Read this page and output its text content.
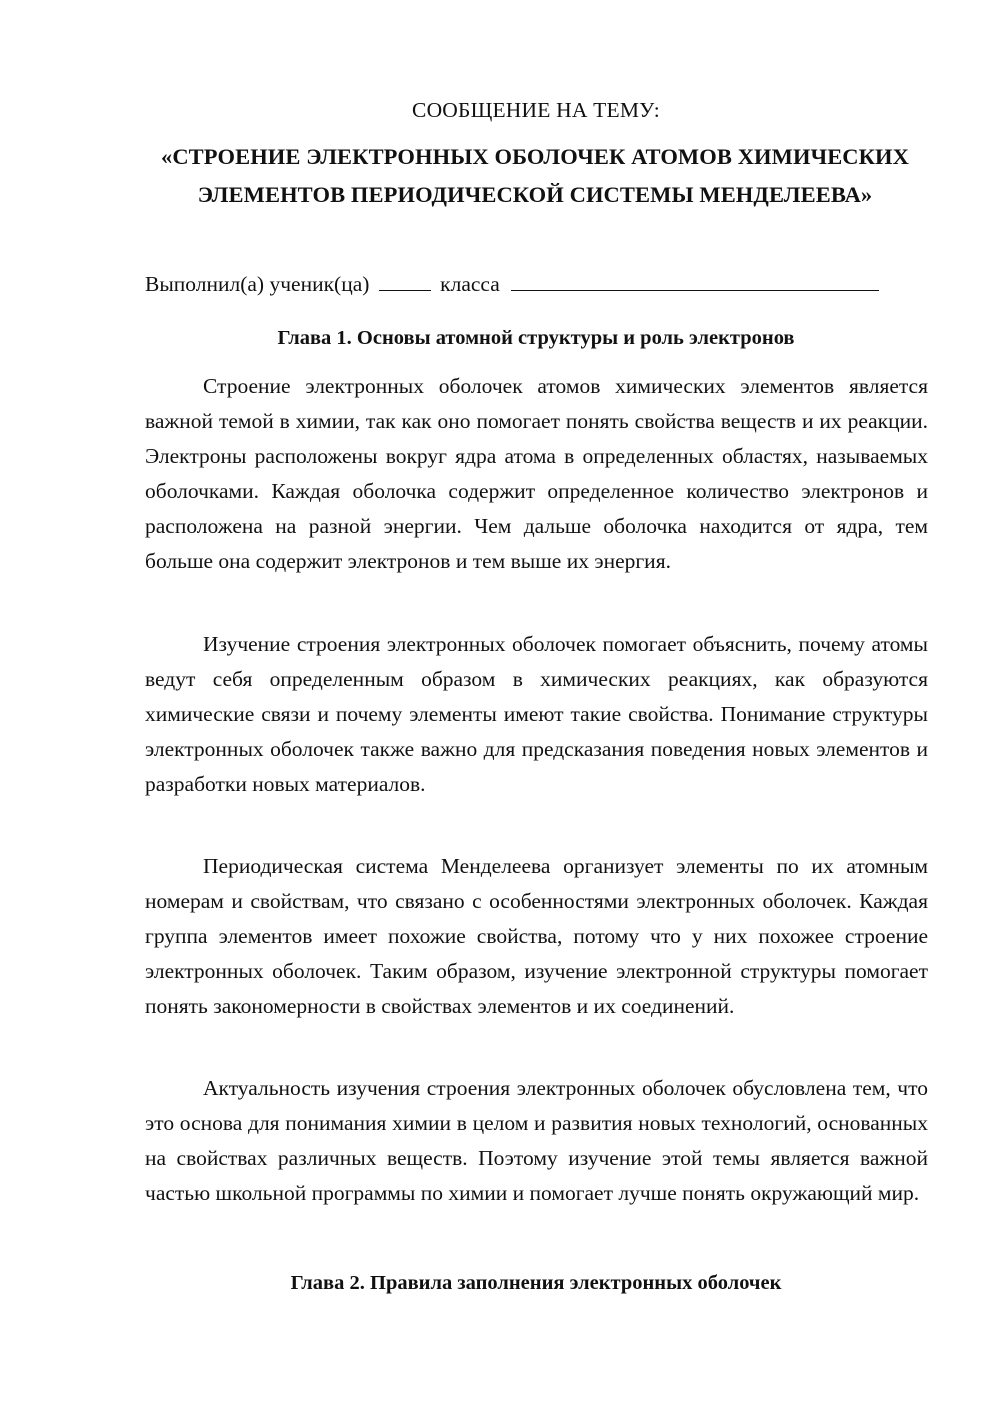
СООБЩЕНИЕ НА ТЕМУ:
«СТРОЕНИЕ ЭЛЕКТРОННЫХ ОБОЛОЧЕК АТОМОВ ХИМИЧЕСКИХ ЭЛЕМЕНТОВ ПЕРИОДИЧЕСКОЙ СИСТЕМЫ МЕНДЕЛЕЕВА»
Выполнил(а) ученик(ца)	класса
Глава 1. Основы атомной структуры и роль электронов

Строение электронных оболочек атомов химических элементов является важной темой в химии, так как оно помогает понять свойства веществ и их реакции. Электроны расположены вокруг ядра атома в определенных областях, называемых оболочками. Каждая оболочка содержит определенное количество электронов и расположена на разной энергии. Чем дальше оболочка находится от ядра, тем больше она содержит электронов и тем выше их энергия.

Изучение строения электронных оболочек помогает объяснить, почему атомы ведут себя определенным образом в химических реакциях, как образуются химические связи и почему элементы имеют такие свойства. Понимание структуры электронных оболочек также важно для предсказания поведения новых элементов и разработки новых материалов.

Периодическая система Менделеева организует элементы по их атомным номерам и свойствам, что связано с особенностями электронных оболочек. Каждая группа элементов имеет похожие свойства, потому что у них похожее строение электронных оболочек. Таким образом, изучение электронной структуры помогает понять закономерности в свойствах элементов и их соединений.

Актуальность изучения строения электронных оболочек обусловлена тем, что это основа для понимания химии в целом и развития новых технологий, основанных на свойствах различных веществ. Поэтому изучение этой темы является важной частью школьной программы по химии и помогает лучше понять окружающий мир.

Глава 2. Правила заполнения электронных оболочек
